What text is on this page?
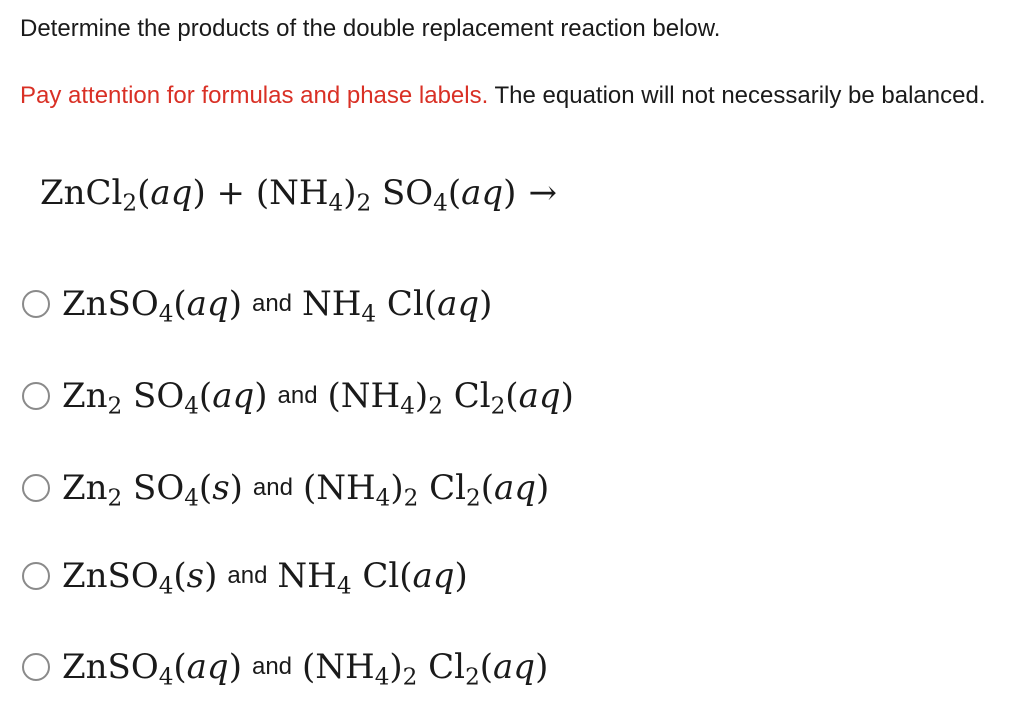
Determine the products of the double replacement reaction below.
Pay attention for formulas and phase labels. The equation will not necessarily be balanced.
ZnCl$_2$(aq) + $(NH_4)_2$ $SO_4(aq)$ →
ZnSO$_4$(aq) and $NH_4$ Cl(aq)
$Zn_2$ $SO_4(aq)$ and $(NH_4)_2$ $Cl_2(aq)$
$Zn_2$ $SO_4(s)$ and $(NH_4)_2$ $Cl_2(aq)$
ZnSO$_4$(s) and $NH_4$ Cl(aq)
ZnSO$_4$(aq) and $(NH_4)_2$ $Cl_2(aq)$
